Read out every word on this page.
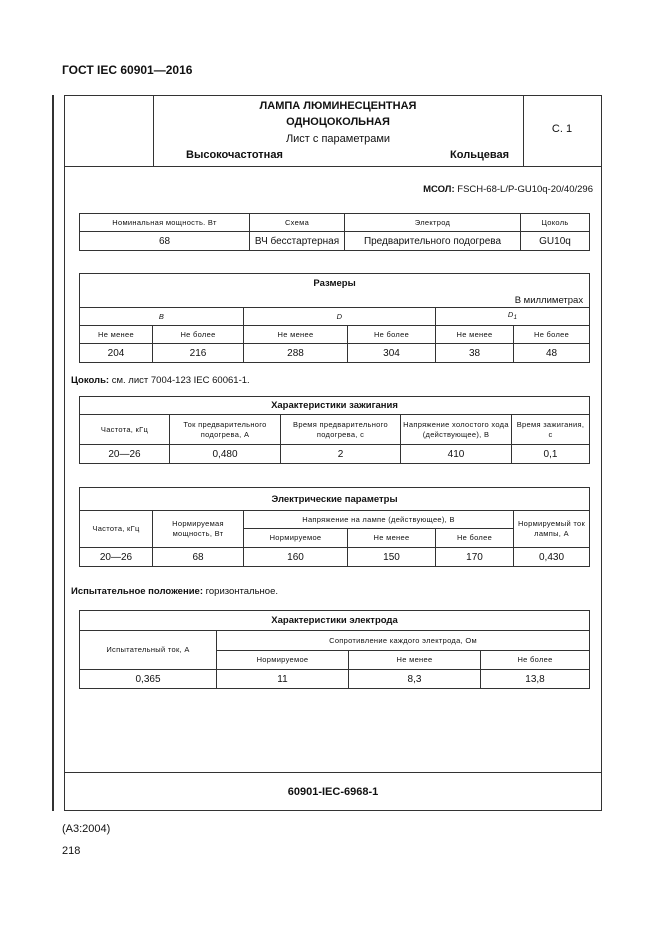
ГОСТ IEC 60901—2016
ЛАМПА ЛЮМИНЕСЦЕНТНАЯ
ОДНОЦОКОЛЬНАЯ
Лист с параметрами
Высокочастотная	Кольцевая
С. 1
МСОЛ: FSCH-68-L/P-GU10q-20/40/296
Номинальная мощность. Вт	Схема	Электрод	Цоколь
68	ВЧ бесстартерная	Предварительного подогрева	GU10q
Размеры					
В миллиметрах					
B		D		$D_1$
Не менее	Не более	Не менее	Не более	Не менее	Не более
204	216	288	304	38	48
Цоколь: см. лист 7004-123 IEC 60061-1.
Характеристики зажигания				
Частота, кГц	Ток предварительного подогрева, А	Время предварительного подогрева, с	Напряжение холостого хода (действующее), В	Время зажигания, с
20—26	0,480	2	410	0,1
Электрические параметры					
Частота, кГц	Нормируемая мощность, Вт	Напряжение на лампе (действующее), В			Нормируемый ток лампы, А
		Нормируемое	Не менее	Не более	
20—26	68	160	150	170	0,430
Испытательное положение: горизонтальное.
Характеристики электрода			
Испытательный ток, А	Сопротивление каждого электрода, Ом		
	Нормируемое	Не менее	Не более
0,365	11	8,3	13,8
60901-IEC-6968-1
(А3:2004)
218
